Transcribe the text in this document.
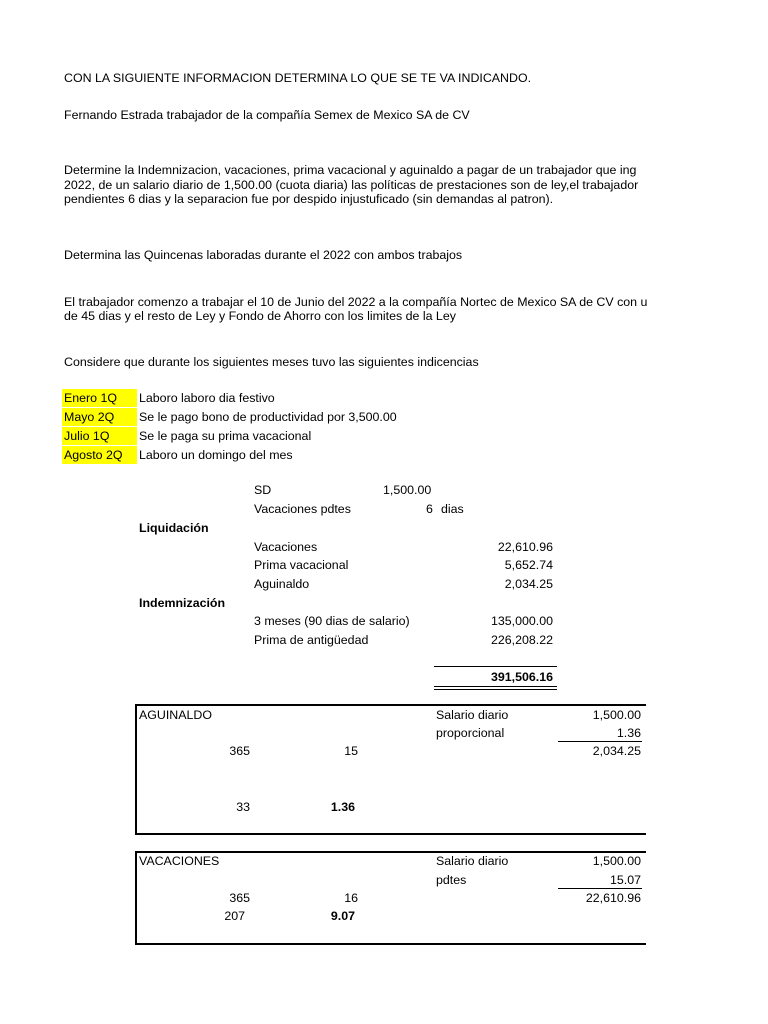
CON LA SIGUIENTE INFORMACION DETERMINA LO QUE SE TE VA INDICANDO.
Fernando Estrada trabajador de la compañía Semex de Mexico SA de CV
Determine la Indemnizacion, vacaciones, prima vacacional y aguinaldo a pagar de un trabajador que ing
2022, de un salario diario de 1,500.00 (cuota diaria) las políticas de prestaciones son de ley,el trabajador
pendientes 6 dias y la separacion fue por despido injustuficado (sin demandas al patron).
Determina las Quincenas laboradas durante el 2022 con ambos trabajos
El trabajador comenzo a trabajar el 10 de Junio del 2022 a la compañía Nortec de Mexico SA de CV con u
de 45 dias y el resto de Ley y Fondo de Ahorro con los limites de la Ley
Considere que durante los siguientes meses tuvo las siguientes indicencias
Enero 1Q Laboro laboro dia festivo
Mayo 2Q Se le pago bono de productividad por 3,500.00
Julio 1Q Se le paga su prima vacacional
Agosto 2Q Laboro un domingo del mes
SD	1,500.00
Vacaciones pdtes	6 dias
Liquidación
Vacaciones	22,610.96
Prima vacacional	5,652.74
Aguinaldo	2,034.25
Indemnización
3 meses (90 dias de salario)	135,000.00
Prima de antigüedad	226,208.22
391,506.16
AGUINALDO	Salario diario	1,500.00
proporcional	1.36
365	15	2,034.25
33	1.36
VACACIONES	Salario diario	1,500.00
pdtes	15.07
365	16	22,610.96
207	9.07
